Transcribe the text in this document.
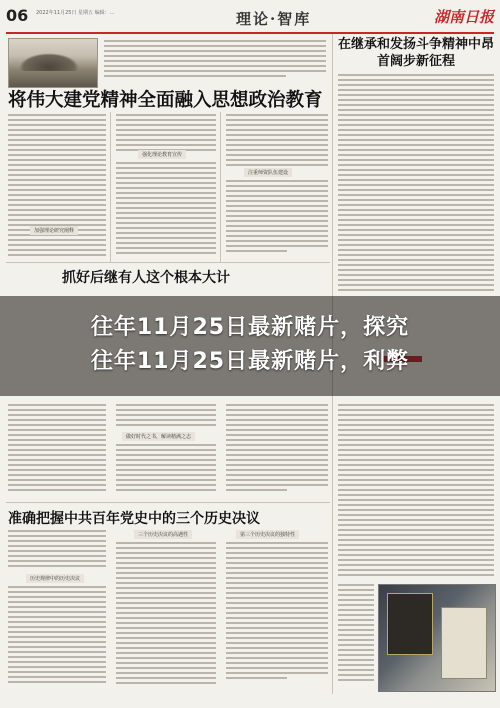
06 2022年11月25日 星期五 编辑：...	理论·智库	湖南日报
将伟大建党精神全面融入思想政治教育
在继承和发扬斗争精神中昂首阔步新征程
加强理论研究阐释
强化理论教育宣传
注重师资队伍建设
抓好后继有人这个根本大计
往年11月25日最新赌片，探究
往年11月25日最新赌片，利弊
做好时代之书，解读精满之志
准确把握中共百年党史中的三个历史决议
历史规律中的历史决议
三个历史决议的高遇性	第三个历史决议的独特性
